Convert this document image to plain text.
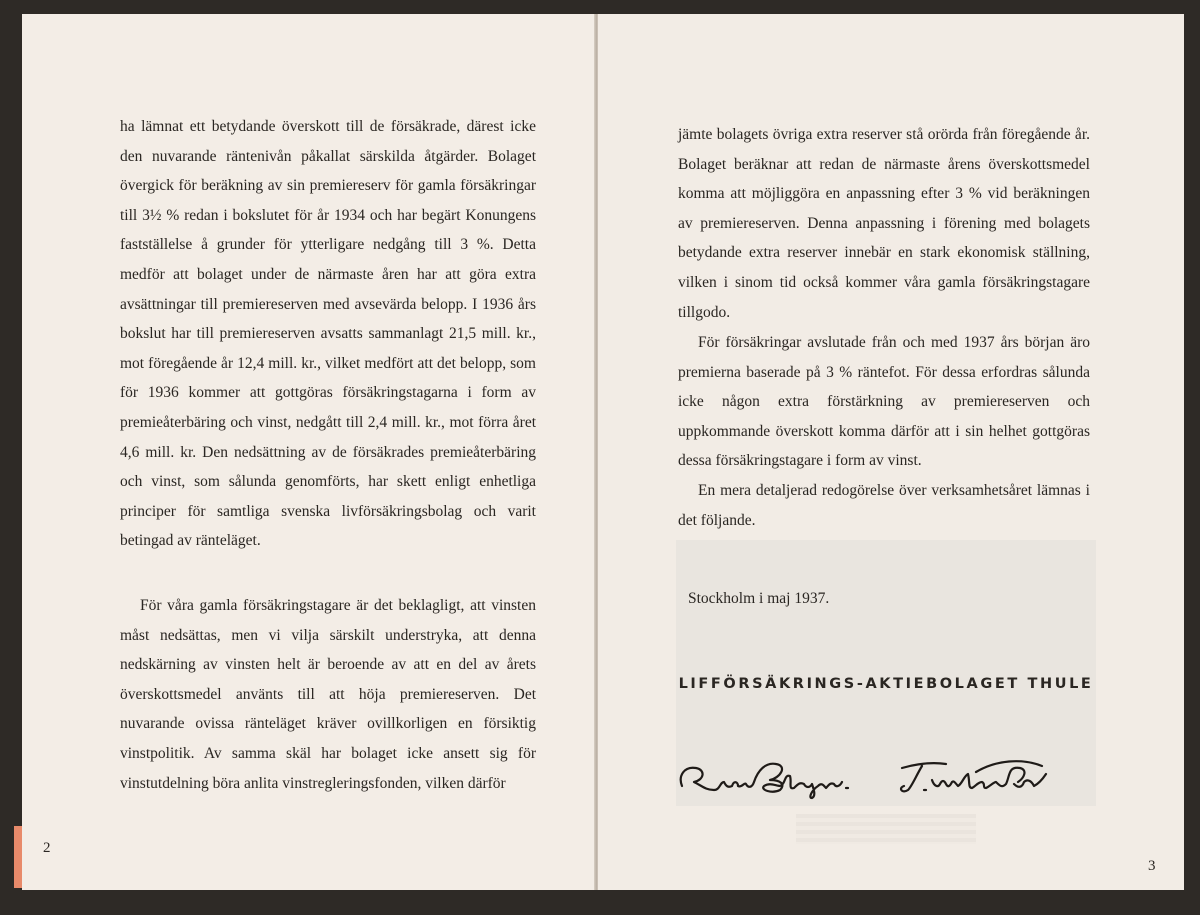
ha lämnat ett betydande överskott till de försäkrade, därest icke den nuvarande räntenivån påkallat särskilda åtgärder. Bolaget övergick för beräkning av sin premiereserv för gamla försäkringar till 3½ % redan i bokslutet för år 1934 och har begärt Konungens fastställelse å grunder för ytterligare nedgång till 3 %. Detta medför att bolaget under de närmaste åren har att göra extra avsättningar till premiereserven med avsevärda belopp. I 1936 års bokslut har till premiereserven avsatts sammanlagt 21,5 mill. kr., mot föregående år 12,4 mill. kr., vilket medfört att det belopp, som för 1936 kommer att gottgöras försäkringstagarna i form av premieåterbäring och vinst, nedgått till 2,4 mill. kr., mot förra året 4,6 mill. kr. Den nedsättning av de försäkrades premieåterbäring och vinst, som sålunda genomförts, har skett enligt enhetliga principer för samtliga svenska livförsäkringsbolag och varit betingad av ränteläget.

För våra gamla försäkringstagare är det beklagligt, att vinsten måst nedsättas, men vi vilja särskilt understryka, att denna nedskärning av vinsten helt är beroende av att en del av årets överskottsmedel använts till att höja premiereserven. Det nuvarande ovissa ränteläget kräver ovillkorligen en försiktig vinstpolitik. Av samma skäl har bolaget icke ansett sig för vinstutdelning böra anlita vinstregleringsfonden, vilken därför

2

jämte bolagets övriga extra reserver stå orörda från föregående år. Bolaget beräknar att redan de närmaste årens överskottsmedel komma att möjliggöra en anpassning efter 3 % vid beräkningen av premiereserven. Denna anpassning i förening med bolagets betydande extra reserver innebär en stark ekonomisk ställning, vilken i sinom tid också kommer våra gamla försäkringstagare tillgodo.

För försäkringar avslutade från och med 1937 års början äro premierna baserade på 3 % räntefot. För dessa erfordras sålunda icke någon extra förstärkning av premiereserven och uppkommande överskott komma därför att i sin helhet gottgöras dessa försäkringstagare i form av vinst.

En mera detaljerad redogörelse över verksamhetsåret lämnas i det följande.

Stockholm i maj 1937.
LIFFÖRSÄKRINGS-AKTIEBOLAGET THULE
3
